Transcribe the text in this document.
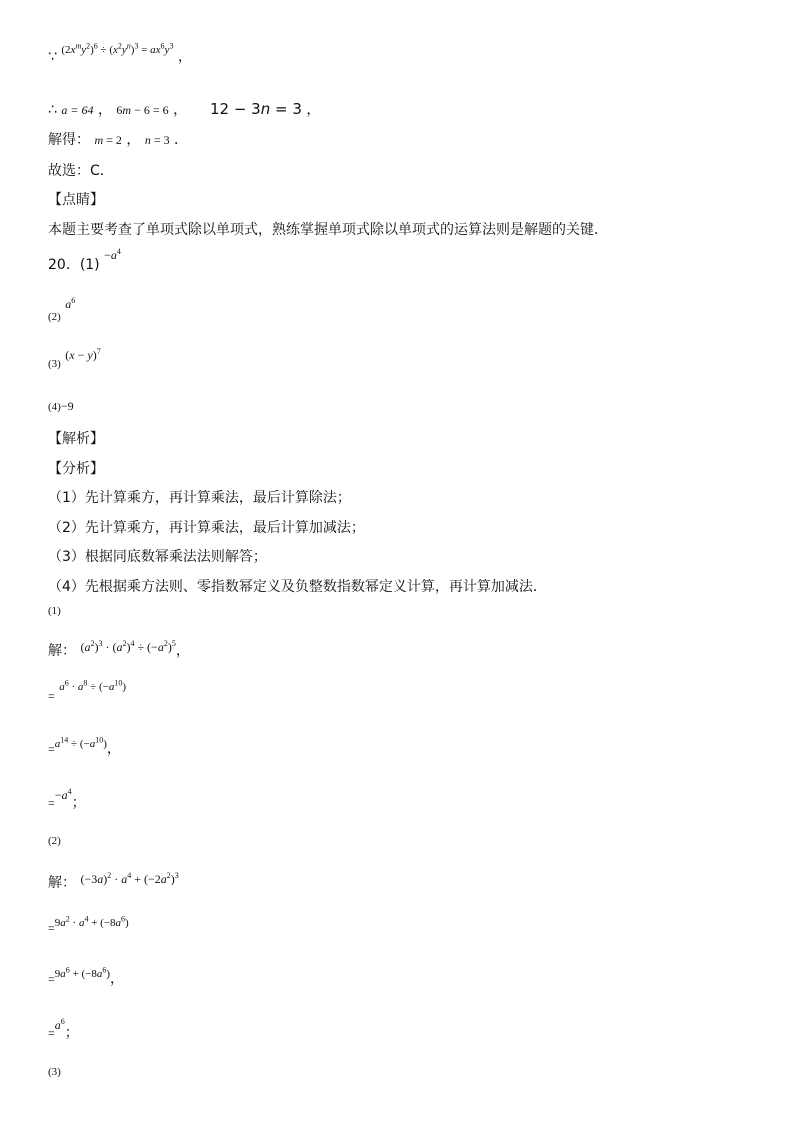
∵ $^{(2x^my^2)^6 \div (x^2y^n)^3 = ax^6y^3}$ ，
∴ a = 64 ， 6m − 6 = 6 ， 12 − 3n = 3 ，
解得： m = 2 ， n = 3 ．
故选：C．
【点睛】
本题主要考查了单项式除以单项式，熟练掌握单项式除以单项式的运算法则是解题的关键．
20．$(1) -a^4$
(2) $a^6$
(3) $(x - y)^7$
(4)−9
【解析】
【分析】
（1）先计算乘方，再计算乘法，最后计算除法；
（2）先计算乘方，再计算乘法，最后计算加减法；
（3）根据同底数幂乘法法则解答；
（4）先根据乘方法则、零指数幂定义及负整数指数幂定义计算，再计算加减法．
(1)
解： $(a^2)^3 \cdot (a^2)^4 \div (-a^2)^5$，
= $^{a^6 \cdot a^8 \div (-a^{10})}$
=$^{a^{14} \div (-a^{10})}$，
$=-a^4$；
(2)
解： $(-3a)^2 \cdot a^4 + (-2a^2)^3$
=$^{9a^2 \cdot a^4 + (-8a^6)}$
=$^{9a^6 + (-8a^6)}$，
$=a^6$；
(3)
